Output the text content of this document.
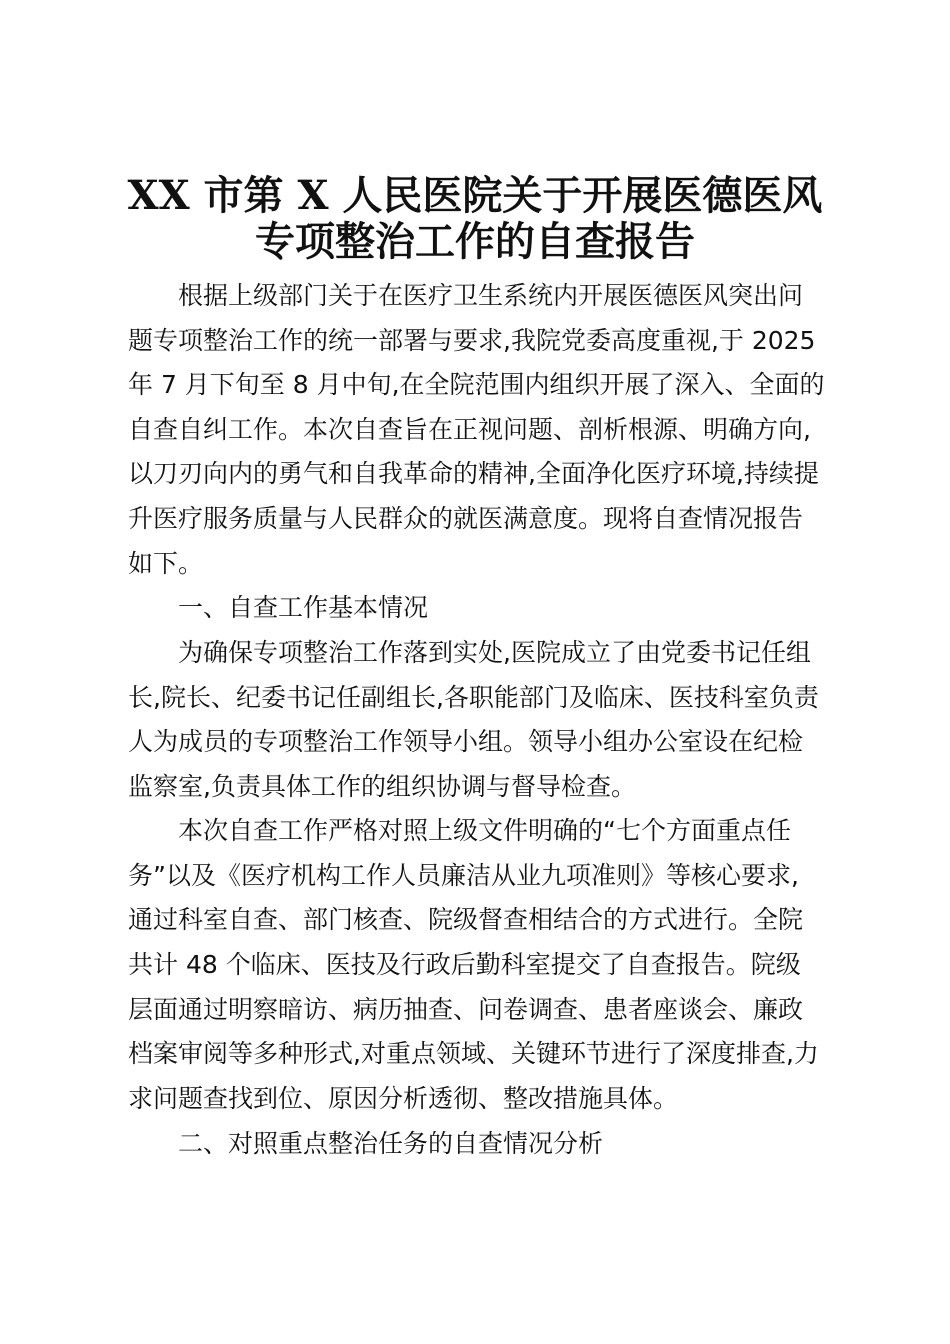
XX 市第 X 人民医院关于开展医德医风
专项整治工作的自查报告
根据上级部门关于在医疗卫生系统内开展医德医风突出问
题专项整治工作的统一部署与要求,我院党委高度重视,于 2025
年 7 月下旬至 8 月中旬,在全院范围内组织开展了深入、全面的
自查自纠工作。本次自查旨在正视问题、剖析根源、明确方向,
以刀刃向内的勇气和自我革命的精神,全面净化医疗环境,持续提
升医疗服务质量与人民群众的就医满意度。现将自查情况报告
如下。
一、自查工作基本情况
为确保专项整治工作落到实处,医院成立了由党委书记任组
长,院长、纪委书记任副组长,各职能部门及临床、医技科室负责
人为成员的专项整治工作领导小组。领导小组办公室设在纪检
监察室,负责具体工作的组织协调与督导检查。
本次自查工作严格对照上级文件明确的“七个方面重点任
务”以及《医疗机构工作人员廉洁从业九项准则》等核心要求,
通过科室自查、部门核查、院级督查相结合的方式进行。全院
共计 48 个临床、医技及行政后勤科室提交了自查报告。院级
层面通过明察暗访、病历抽查、问卷调查、患者座谈会、廉政
档案审阅等多种形式,对重点领域、关键环节进行了深度排查,力
求问题查找到位、原因分析透彻、整改措施具体。
二、对照重点整治任务的自查情况分析
